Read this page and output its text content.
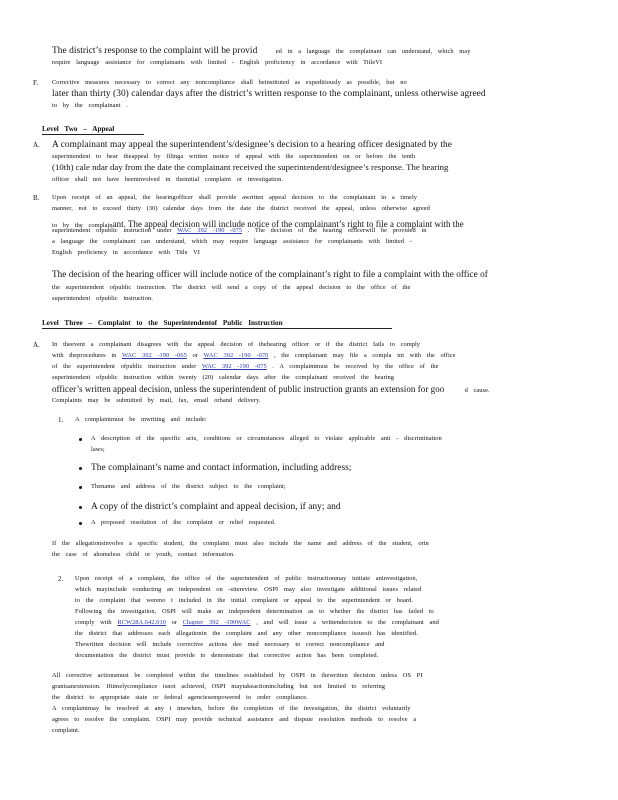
The district’s response to the complaint will be provid	ed in a language the complainant can understand, which may
require language assistance for complainants with limited - English proficiency in accordance with TitleVI
F. Corrective measures necessary to correct any noncompliance shall beinstituted as expeditiously as possible, but no
later than thirty (30) calendar days after the district’s written response to the complainant, unless otherwise agreed
to by the complainant .
Level Two – Appeal
A. A complainant may appeal the superintendent’s/designee’s decision to a hearing officer designated by the
superintendent to hear theappeal by filinga written notice of appeal with the superintendent on or before the tenth
(10th) cale ndar day from the date the complainant received the superintendent/designee’s response. The hearing
officer shall not have beeninvolved in theinitial complaint or investigation.
B. Upon receipt of an appeal, the hearingofficer shall provide awritten appeal decision to the complainant in a timely
manner, not to exceed thirty (30) calendar days from the date the district received the appeal, unless otherwise agreed
to by the complainant. The appeal decision will include notice of the complainant’s right to file a complaint with the
superintendent ofpublic instruction under WAC 392 -190 -075 . The decision of the hearing officerwill be provided in
a language the complainant can understand, which may require language assistance for complainants with limited -
English proficiency in accordance with Title VI
The decision of the hearing officer will include notice of the complainant’s right to file a complaint with the office of
the superintendent ofpublic instruction. The district will send a copy of the appeal decision to the office of the
superintendent ofpublic instruction.
Level Three – Complaint to the Superintendentof Public Instruction
A. In theevent a complainant disagrees with the appeal decision of thehearing officer or if the district fails to comply
with theprocedures in WAC 392 -190 -065 or WAC 392 -190 -070 , the complainant may file a compla int with the office
of the superintendent ofpublic instruction under WAC 392 -190 -075 . A complaintmust be received by the office of the
superintendent ofpublic instruction within twenty (20) calendar days after the complainant received the hearing
officer’s written appeal decision, unless the superintendent of public instruction grants an extension for goo	d cause.
Complaints may be submitted by mail, fax, email orhand delivery.
1. A complaintmust be inwriting and include:
A description of the specific acts, conditions or circumstances alleged to violate applicable anti - discrimination
laws;
The complainant’s name and contact information, including address;
Thename and address of the district subject to the complaint;
A copy of the district’s complaint and appeal decision, if any; and
A proposed resolution of the complaint or relief requested.
If the allegationsinvolve a specific student, the complaint must also include the name and address of the student, orin
the case of ahomeless child or youth, contact information.
2. Upon receipt of a complaint, the office of the superintendent of public instructionmay initiate aninvestigation,
which mayinclude conducting an independent on -sitereview. OSPI may also investigate additional issues related
to the complaint that wereno t included in the initial complaint or appeal to the superintendent or board.
Following the investigation, OSPI will make an independent determination as to whether the district has failed to
comply with RCW28A.642.010 or Chapter 392 -190WAC , and will issue a writtendecision to the complainant and
the district that addresses each allegationin the complaint and any other noncompliance issuesit has identified.
Thewritten decision will include corrective actions dee med necessary to correct noncompliance and
documentation the district must provide to demonstrate that corrective action has been completed.
All corrective actionsmust be completed within the timelines established by OSPI in thewritten decision unless OS PI
grantsanextension. Iftimelycompliance isnot achieved, OSPI maytakeactionincluding but not limited to referring
the district to appropriate state or federal agenciesempowered to order compliance.
A complaintmay be resolved at any t imewhen, before the completion of the investigation, the district voluntarily
agrees to resolve the complaint. OSPI may provide technical assistance and dispute resolution methods to resolve a
complaint.
